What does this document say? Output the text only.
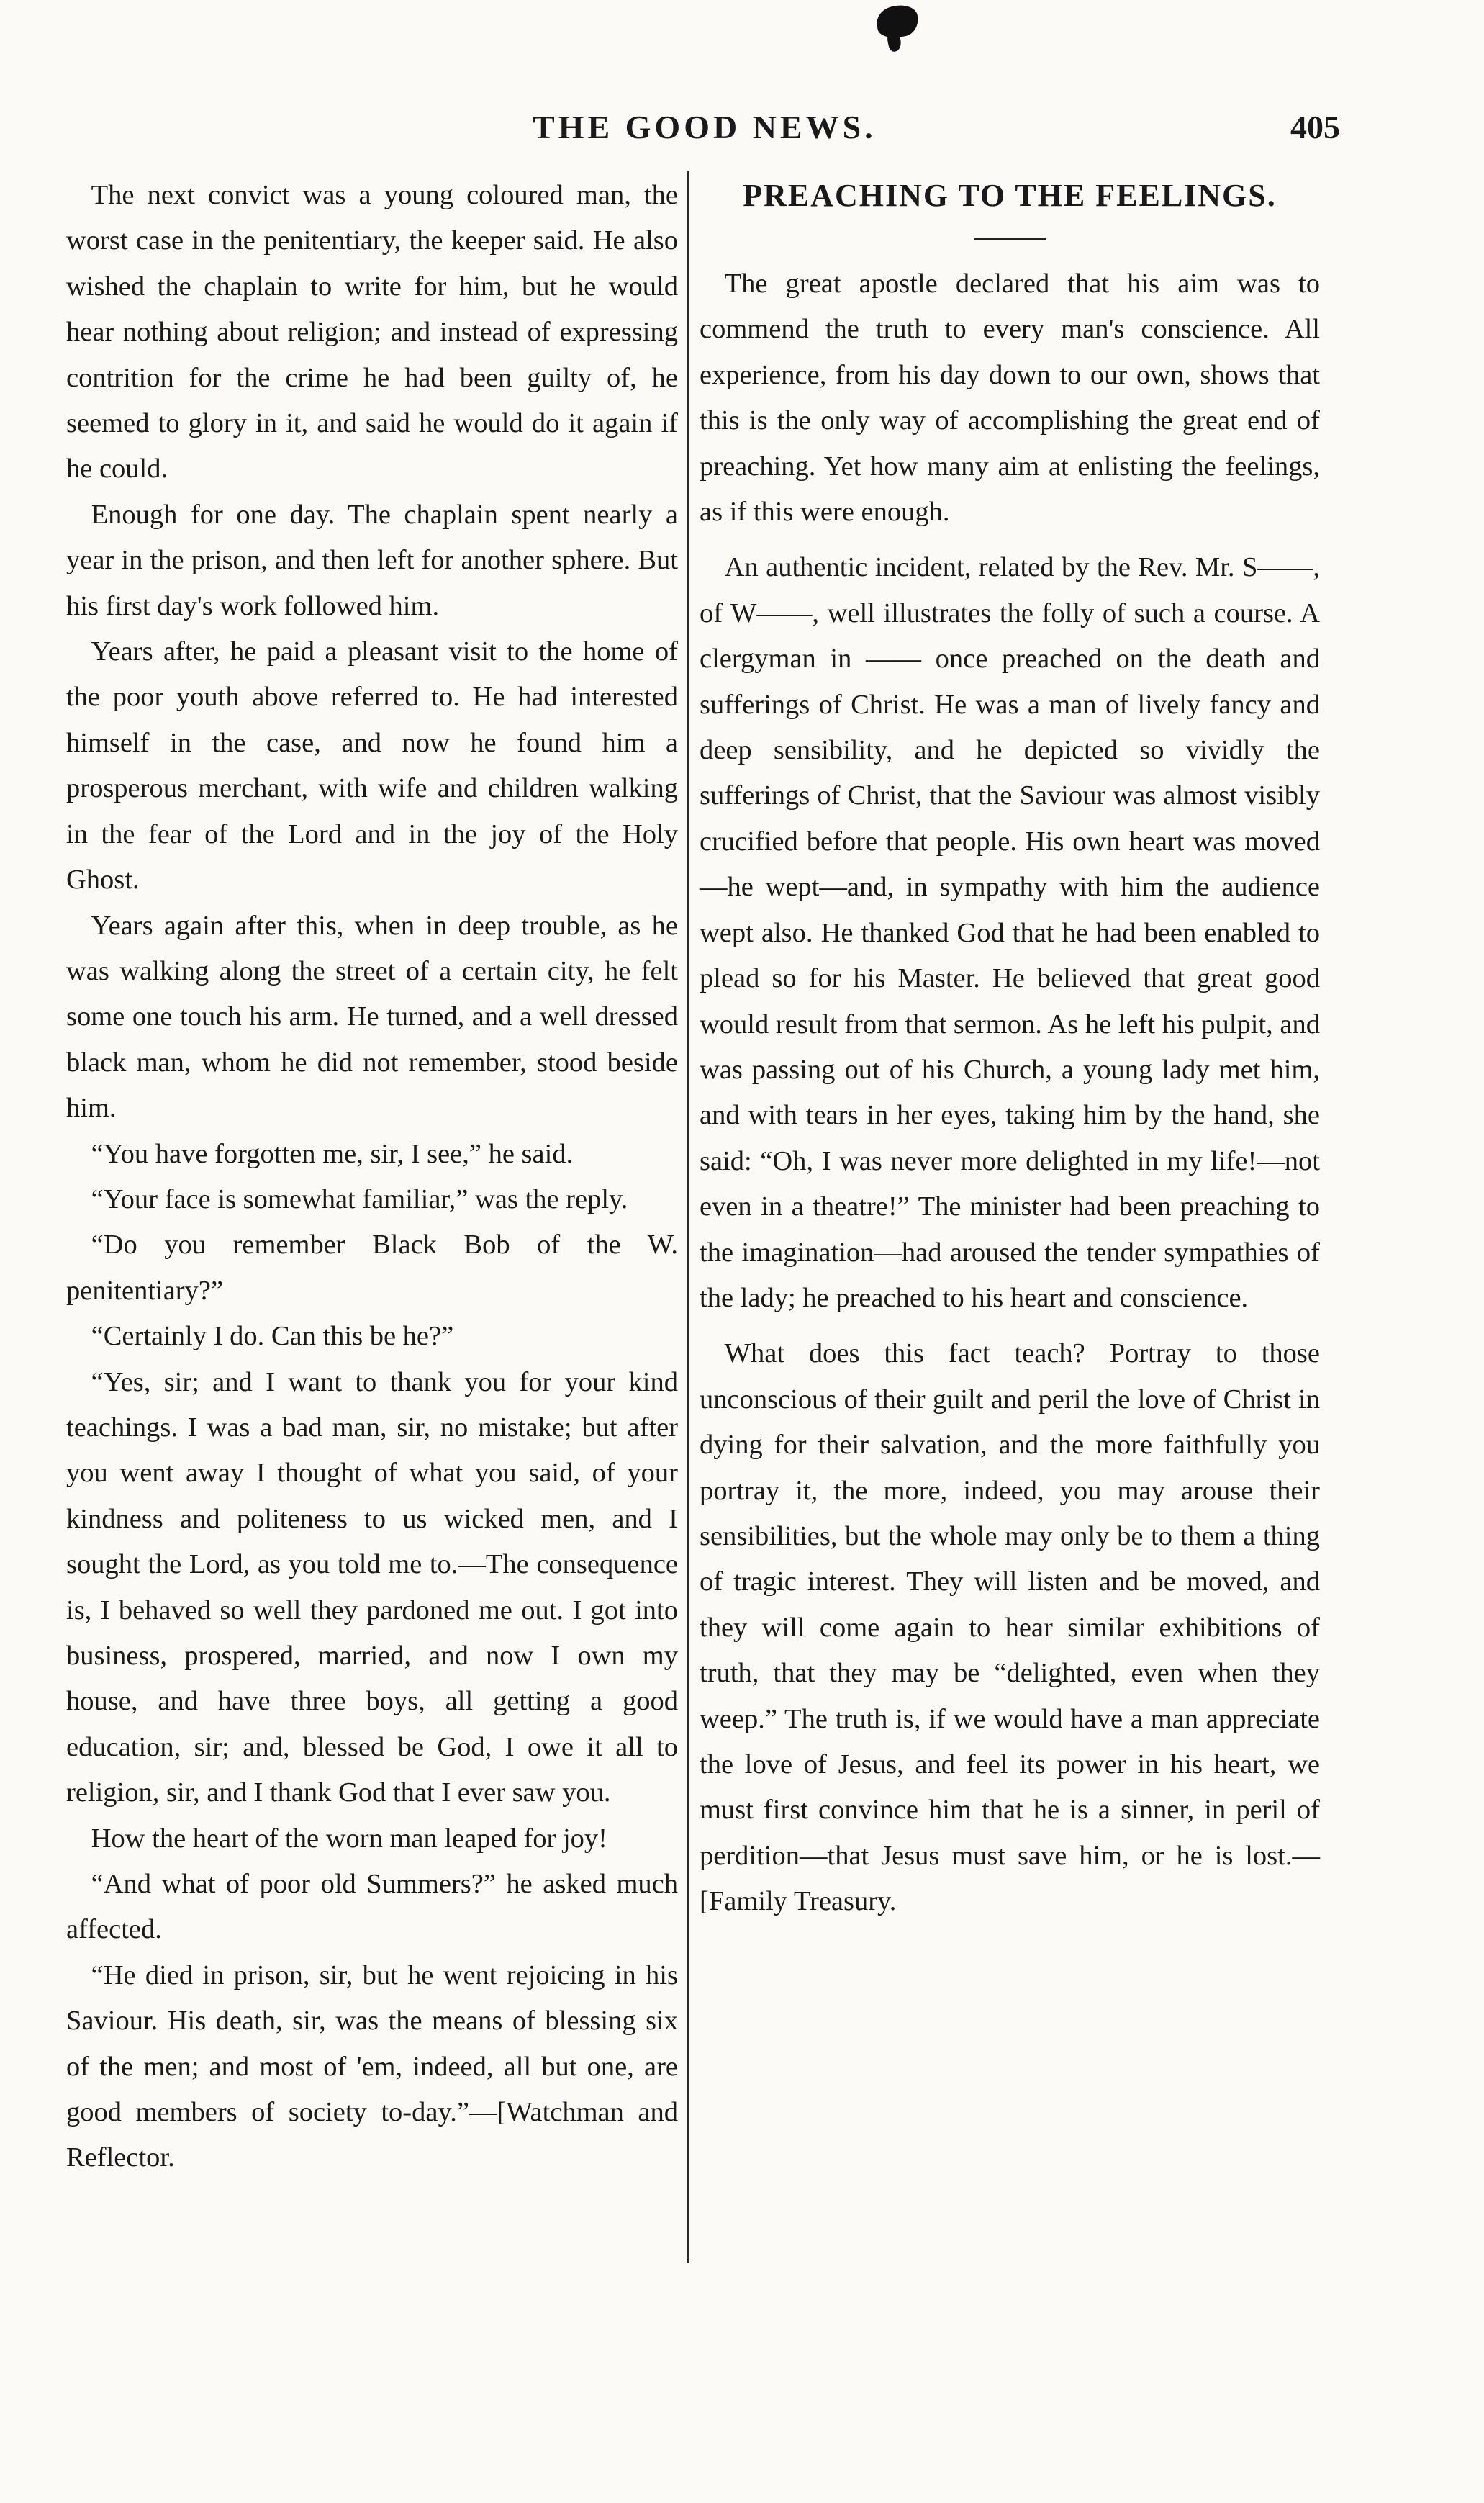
THE GOOD NEWS.	405

The next convict was a young coloured man, the worst case in the penitentiary, the keeper said. He also wished the chaplain to write for him, but he would hear nothing about religion; and instead of expressing contrition for the crime he had been guilty of, he seemed to glory in it, and said he would do it again if he could.

Enough for one day. The chaplain spent nearly a year in the prison, and then left for another sphere. But his first day's work followed him.

Years after, he paid a pleasant visit to the home of the poor youth above referred to. He had interested himself in the case, and now he found him a prosperous merchant, with wife and children walking in the fear of the Lord and in the joy of the Holy Ghost.

Years again after this, when in deep trouble, as he was walking along the street of a certain city, he felt some one touch his arm. He turned, and a well dressed black man, whom he did not remember, stood beside him.

“You have forgotten me, sir, I see,” he said.

“Your face is somewhat familiar,” was the reply.

“Do you remember Black Bob of the W. penitentiary?”

“Certainly I do. Can this be he?”

“Yes, sir; and I want to thank you for your kind teachings. I was a bad man, sir, no mistake; but after you went away I thought of what you said, of your kindness and politeness to us wicked men, and I sought the Lord, as you told me to.—The consequence is, I behaved so well they pardoned me out. I got into business, prospered, married, and now I own my house, and have three boys, all getting a good education, sir; and, blessed be God, I owe it all to religion, sir, and I thank God that I ever saw you.

How the heart of the worn man leaped for joy!

“And what of poor old Summers?” he asked much affected.

“He died in prison, sir, but he went rejoicing in his Saviour. His death, sir, was the means of blessing six of the men; and most of 'em, indeed, all but one, are good members of society to-day.”—[Watchman and Reflector.

PREACHING TO THE FEELINGS.

The great apostle declared that his aim was to commend the truth to every man's conscience. All experience, from his day down to our own, shows that this is the only way of accomplishing the great end of preaching. Yet how many aim at enlisting the feelings, as if this were enough.

An authentic incident, related by the Rev. Mr. S——, of W——, well illustrates the folly of such a course. A clergyman in —— once preached on the death and sufferings of Christ. He was a man of lively fancy and deep sensibility, and he depicted so vividly the sufferings of Christ, that the Saviour was almost visibly crucified before that people. His own heart was moved—he wept—and, in sympathy with him the audience wept also. He thanked God that he had been enabled to plead so for his Master. He believed that great good would result from that sermon. As he left his pulpit, and was passing out of his Church, a young lady met him, and with tears in her eyes, taking him by the hand, she said: “Oh, I was never more delighted in my life!—not even in a theatre!” The minister had been preaching to the imagination—had aroused the tender sympathies of the lady; he preached to his heart and conscience.

What does this fact teach? Portray to those unconscious of their guilt and peril the love of Christ in dying for their salvation, and the more faithfully you portray it, the more, indeed, you may arouse their sensibilities, but the whole may only be to them a thing of tragic interest. They will listen and be moved, and they will come again to hear similar exhibitions of truth, that they may be “delighted, even when they weep.” The truth is, if we would have a man appreciate the love of Jesus, and feel its power in his heart, we must first convince him that he is a sinner, in peril of perdition—that Jesus must save him, or he is lost.—[Family Treasury.
